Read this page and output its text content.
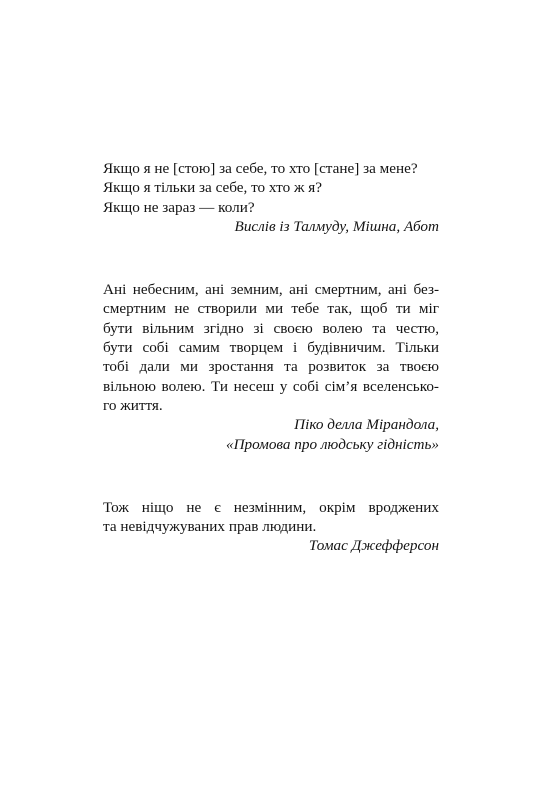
Якщо я не [стою] за себе, то хто [стане] за мене?
Якщо я тільки за себе, то хто ж я?
Якщо не зараз — коли?
Вислів із Талмуду, Мішна, Абот
Ані небесним, ані земним, ані смертним, ані без-
смертним не створили ми тебе так, щоб ти міг
бути вільним згідно зі своєю волею та честю,
бути собі самим творцем і будівничим. Тільки
тобі дали ми зростання та розвиток за твоєю
вільною волею. Ти несеш у собі сім’я вселенсько-
го життя.
Піко делла Мірандола,
«Промова про людську гідність»
Тож ніщо не є незмінним, окрім вроджених
та невідчужуваних прав людини.
Томас Джефферсон
